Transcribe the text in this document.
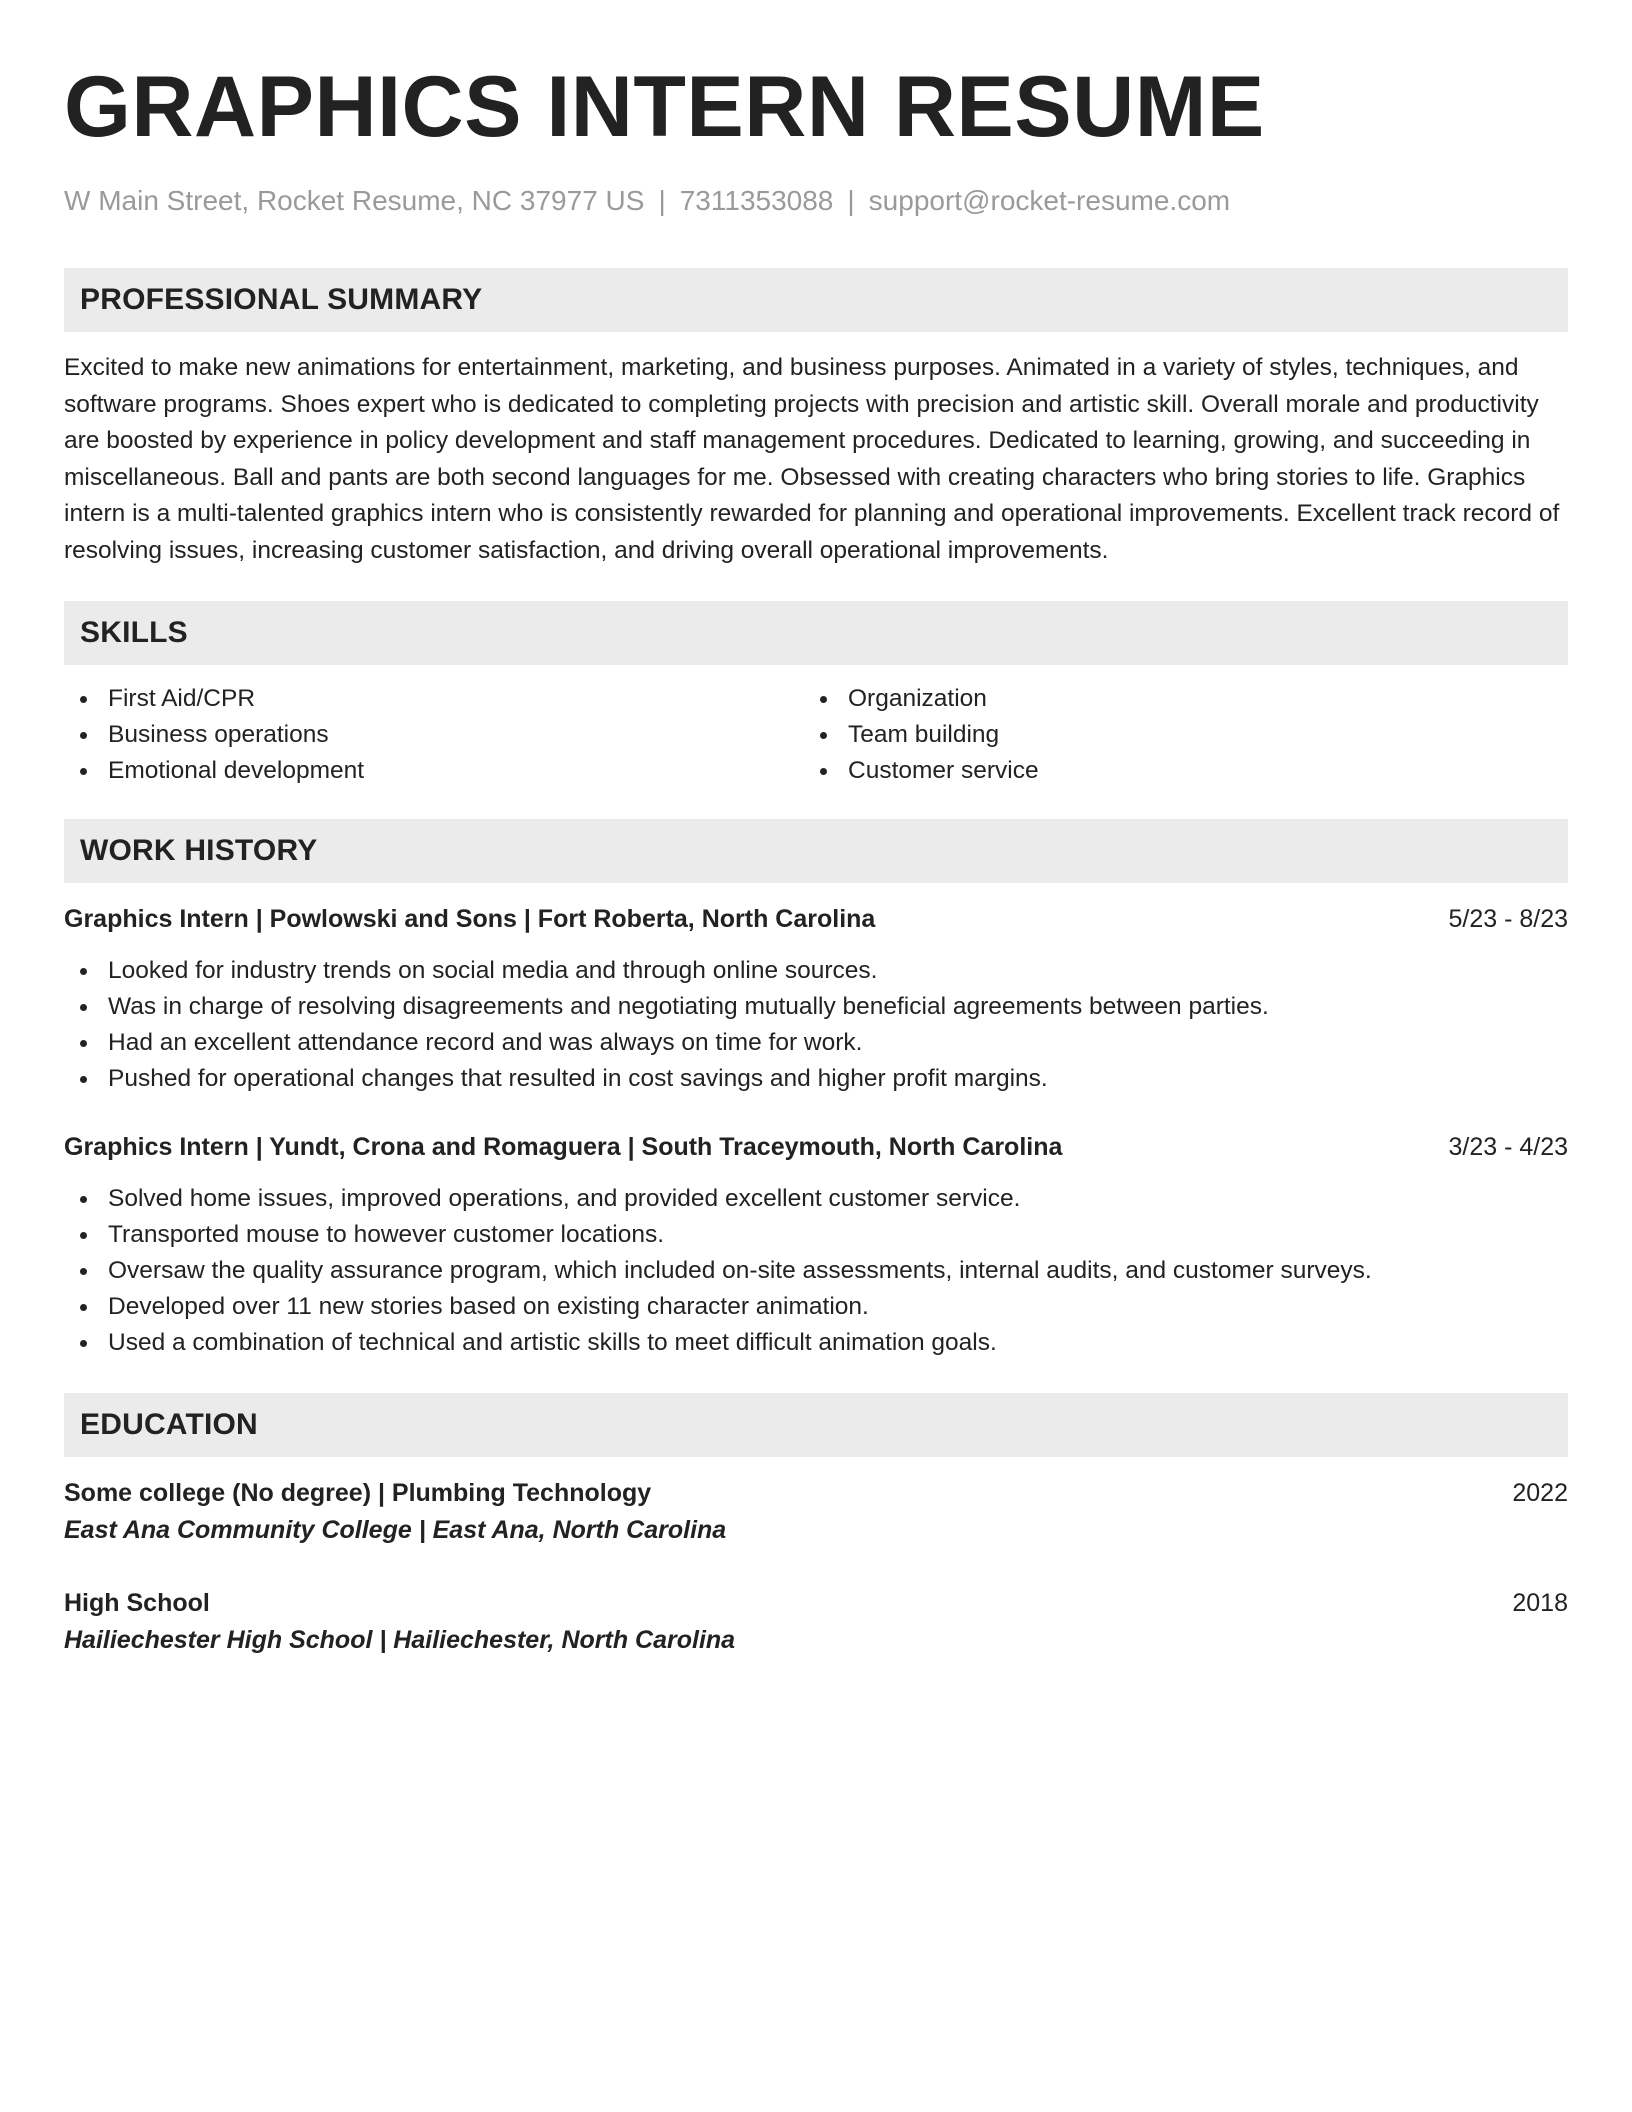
GRAPHICS INTERN RESUME
W Main Street, Rocket Resume, NC 37977 US | 7311353088 | support@rocket-resume.com
PROFESSIONAL SUMMARY

Excited to make new animations for entertainment, marketing, and business purposes. Animated in a variety of styles, techniques, and software programs. Shoes expert who is dedicated to completing projects with precision and artistic skill. Overall morale and productivity are boosted by experience in policy development and staff management procedures. Dedicated to learning, growing, and succeeding in miscellaneous. Ball and pants are both second languages for me. Obsessed with creating characters who bring stories to life. Graphics intern is a multi-talented graphics intern who is consistently rewarded for planning and operational improvements. Excellent track record of resolving issues, increasing customer satisfaction, and driving overall operational improvements.

SKILLS
First Aid/CPR
Business operations
Emotional development
Organization
Team building
Customer service
WORK HISTORY
Graphics Intern | Powlowski and Sons | Fort Roberta, North Carolina	5/23 - 8/23
Looked for industry trends on social media and through online sources.
Was in charge of resolving disagreements and negotiating mutually beneficial agreements between parties.
Had an excellent attendance record and was always on time for work.
Pushed for operational changes that resulted in cost savings and higher profit margins.
Graphics Intern | Yundt, Crona and Romaguera | South Traceymouth, North Carolina	3/23 - 4/23
Solved home issues, improved operations, and provided excellent customer service.
Transported mouse to however customer locations.
Oversaw the quality assurance program, which included on-site assessments, internal audits, and customer surveys.
Developed over 11 new stories based on existing character animation.
Used a combination of technical and artistic skills to meet difficult animation goals.
EDUCATION
Some college (No degree) | Plumbing Technology	2022
East Ana Community College | East Ana, North Carolina
High School	2018
Hailiechester High School | Hailiechester, North Carolina
